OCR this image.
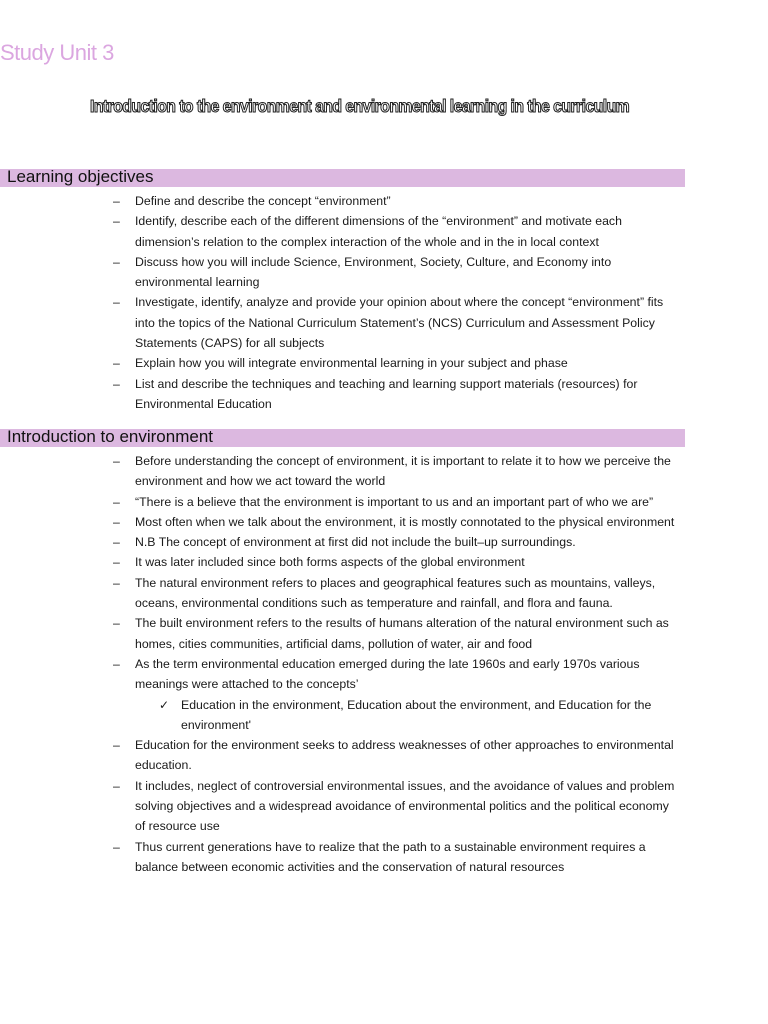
Study Unit 3
Introduction to the environment and environmental learning in the curriculum
Learning objectives
– Define and describe the concept “environment”
– Identify, describe each of the different dimensions of the “environment” and motivate each dimension’s relation to the complex interaction of the whole and in the in local context
– Discuss how you will include Science, Environment, Society, Culture, and Economy into environmental learning
– Investigate, identify, analyze and provide your opinion about where the concept “environment” fits into the topics of the National Curriculum Statement’s (NCS) Curriculum and Assessment Policy Statements (CAPS) for all subjects
– Explain how you will integrate environmental learning in your subject and phase
– List and describe the techniques and teaching and learning support materials (resources) for Environmental Education
Introduction to environment
– Before understanding the concept of environment, it is important to relate it to how we perceive the environment and how we act toward the world
– “There is a believe that the environment is important to us and an important part of who we are”
– Most often when we talk about the environment, it is mostly connotated to the physical environment
– N.B The concept of environment at first did not include the built–up surroundings.
– It was later included since both forms aspects of the global environment
– The natural environment refers to places and geographical features such as mountains, valleys, oceans, environmental conditions such as temperature and rainfall, and flora and fauna.
– The built environment refers to the results of humans alteration of the natural environment such as homes, cities communities, artificial dams, pollution of water, air and food
– As the term environmental education emerged during the late 1960s and early 1970s various meanings were attached to the concepts’
✓ Education in the environment, Education about the environment, and Education for the environment'
– Education for the environment seeks to address weaknesses of other approaches to environmental education.
– It includes, neglect of controversial environmental issues, and the avoidance of values and problem solving objectives and a widespread avoidance of environmental politics and the political economy of resource use
– Thus current generations have to realize that the path to a sustainable environment requires a balance between economic activities and the conservation of natural resources
